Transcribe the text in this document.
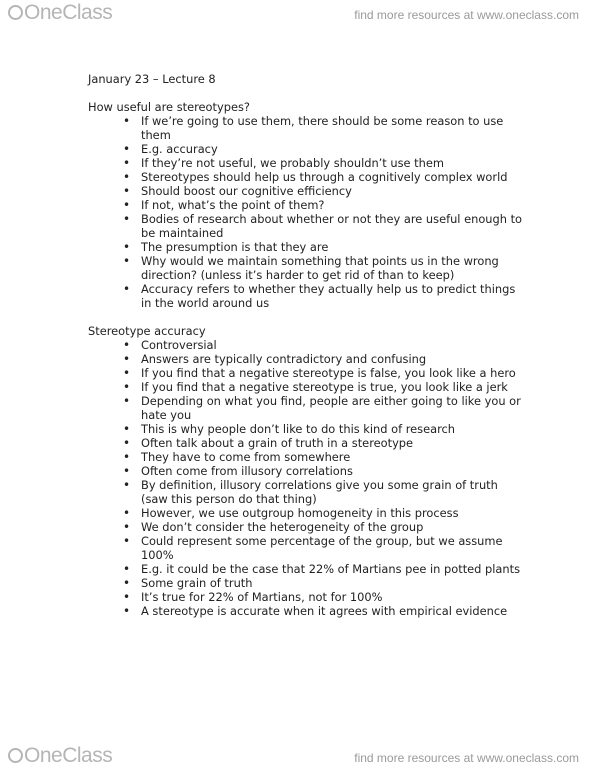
OneClass	find more resources at www.oneclass.com
January 23 – Lecture 8
How useful are stereotypes?
• If we’re going to use them, there should be some reason to use them
• E.g. accuracy
• If they’re not useful, we probably shouldn’t use them
• Stereotypes should help us through a cognitively complex world
• Should boost our cognitive efficiency
• If not, what’s the point of them?
• Bodies of research about whether or not they are useful enough to be maintained
• The presumption is that they are
• Why would we maintain something that points us in the wrong direction? (unless it’s harder to get rid of than to keep)
• Accuracy refers to whether they actually help us to predict things in the world around us
Stereotype accuracy
• Controversial
• Answers are typically contradictory and confusing
• If you find that a negative stereotype is false, you look like a hero
• If you find that a negative stereotype is true, you look like a jerk
• Depending on what you find, people are either going to like you or hate you
• This is why people don’t like to do this kind of research
• Often talk about a grain of truth in a stereotype
• They have to come from somewhere
• Often come from illusory correlations
• By definition, illusory correlations give you some grain of truth (saw this person do that thing)
• However, we use outgroup homogeneity in this process
• We don’t consider the heterogeneity of the group
• Could represent some percentage of the group, but we assume 100%
• E.g. it could be the case that 22% of Martians pee in potted plants
• Some grain of truth
• It’s true for 22% of Martians, not for 100%
• A stereotype is accurate when it agrees with empirical evidence
OneClass	find more resources at www.oneclass.com
